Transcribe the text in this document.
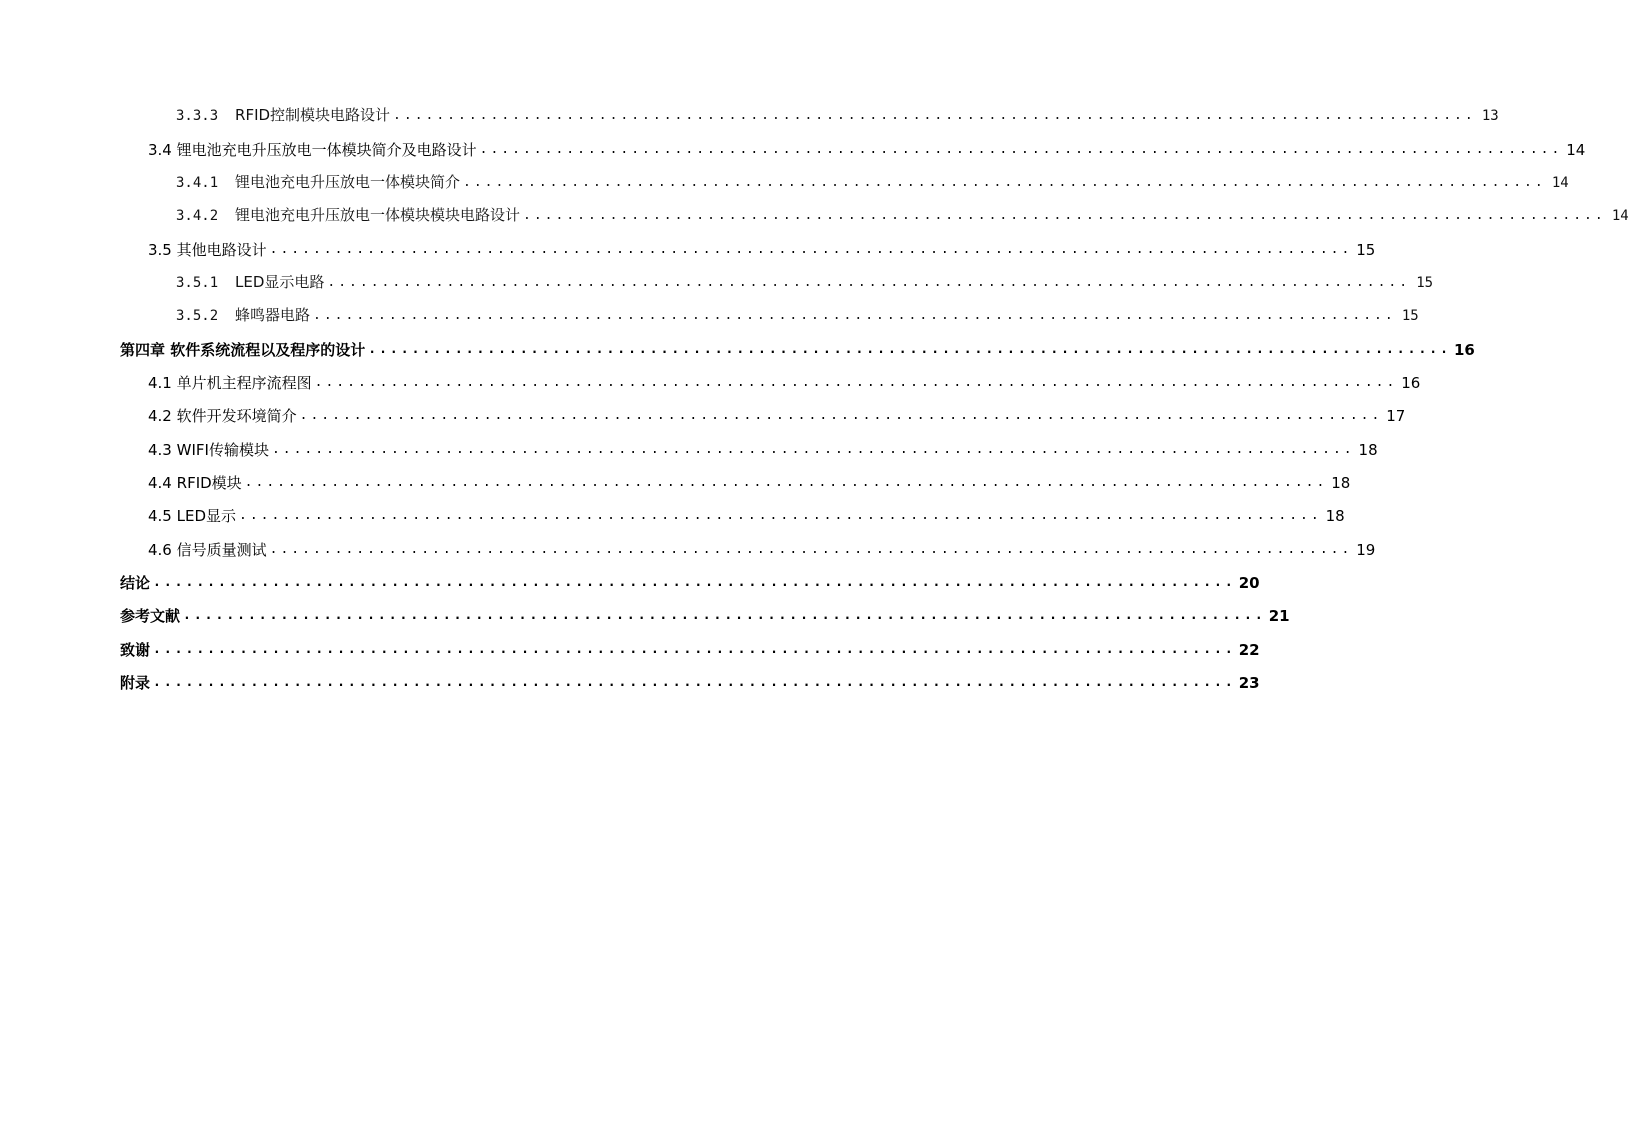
3.3.3 RFID控制模块电路设计 .................................................................................................... 13
3.4 锂电池充电升压放电一体模块简介及电路设计 .................................................................................................... 14
3.4.1 锂电池充电升压放电一体模块简介 .................................................................................................... 14
3.4.2 锂电池充电升压放电一体模块模块电路设计 .................................................................................................... 14
3.5 其他电路设计 .................................................................................................... 15
3.5.1 LED显示电路 .................................................................................................... 15
3.5.2 蜂鸣器电路 .................................................................................................... 15
第四章 软件系统流程以及程序的设计 .................................................................................................... 16
4.1 单片机主程序流程图 .................................................................................................... 16
4.2 软件开发环境简介 .................................................................................................... 17
4.3 WIFI传输模块 .................................................................................................... 18
4.4 RFID模块 .................................................................................................... 18
4.5 LED显示 .................................................................................................... 18
4.6 信号质量测试 .................................................................................................... 19
结论 .................................................................................................... 20
参考文献 .................................................................................................... 21
致谢 .................................................................................................... 22
附录 .................................................................................................... 23
